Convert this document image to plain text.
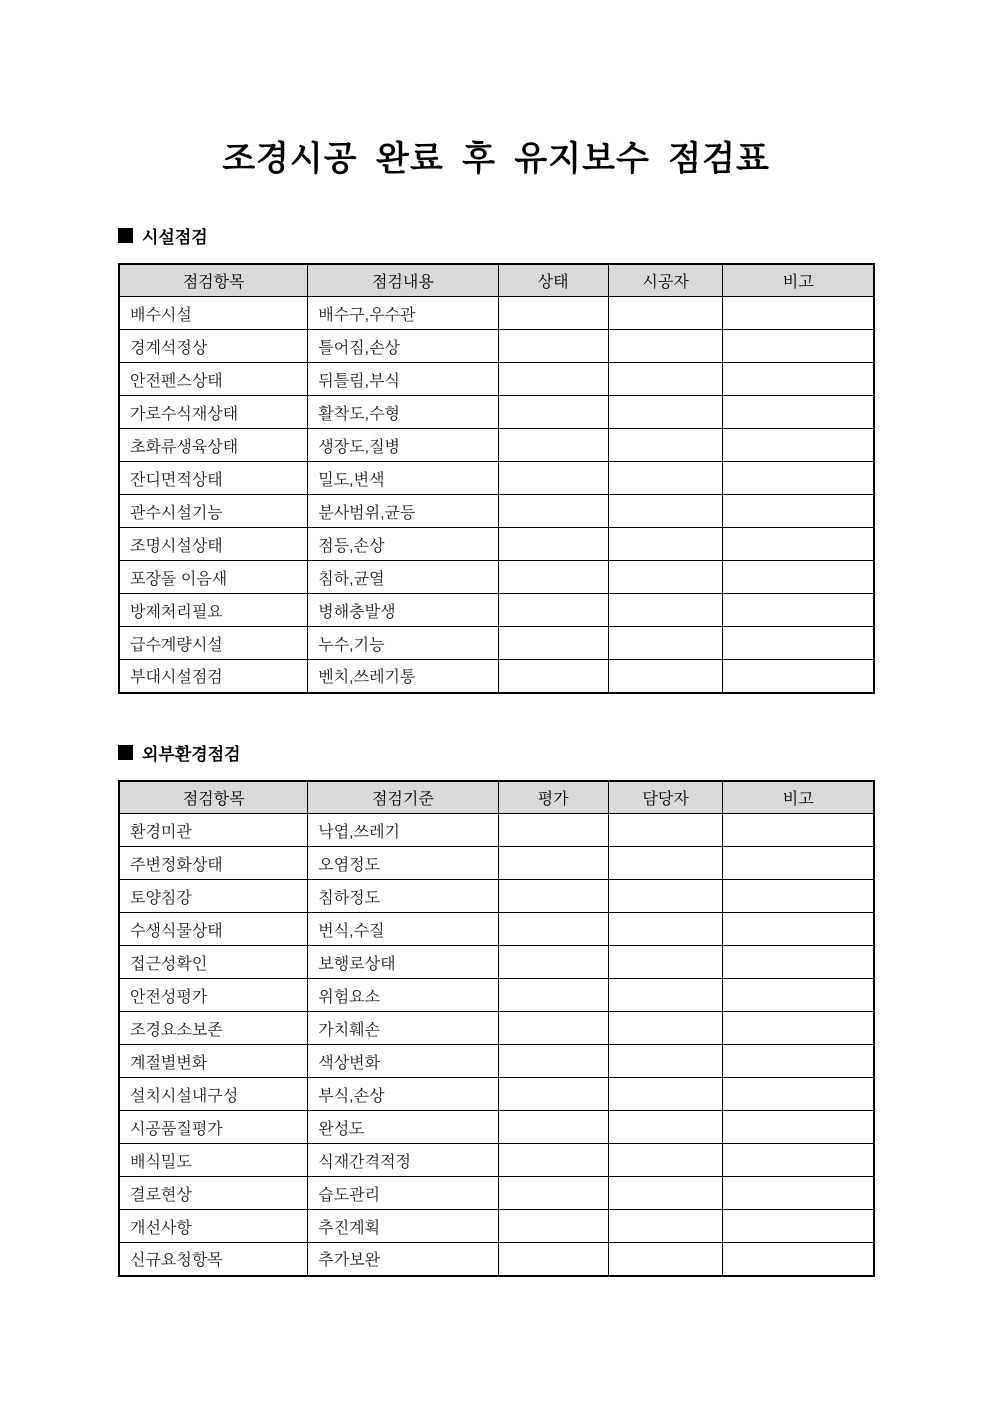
조경시공 완료 후 유지보수 점검표
시설점검
점검항목	점검내용	상태	시공자	비고
배수시설	배수구,우수관			
경계석정상	틀어짐,손상			
안전펜스상태	뒤틀림,부식			
가로수식재상태	활착도,수형			
초화류생육상태	생장도,질병			
잔디면적상태	밀도,변색			
관수시설기능	분사범위,균등			
조명시설상태	점등,손상			
포장돌 이음새	침하,균열			
방제처리필요	병해충발생			
급수계량시설	누수,기능			
부대시설점검	벤치,쓰레기통			
외부환경점검
점검항목	점검기준	평가	담당자	비고
환경미관	낙엽,쓰레기			
주변정화상태	오염정도			
토양침강	침하정도			
수생식물상태	번식,수질			
접근성확인	보행로상태			
안전성평가	위험요소			
조경요소보존	가치훼손			
계절별변화	색상변화			
설치시설내구성	부식,손상			
시공품질평가	완성도			
배식밀도	식재간격적정			
결로현상	습도관리			
개선사항	추진계획			
신규요청항목	추가보완			
